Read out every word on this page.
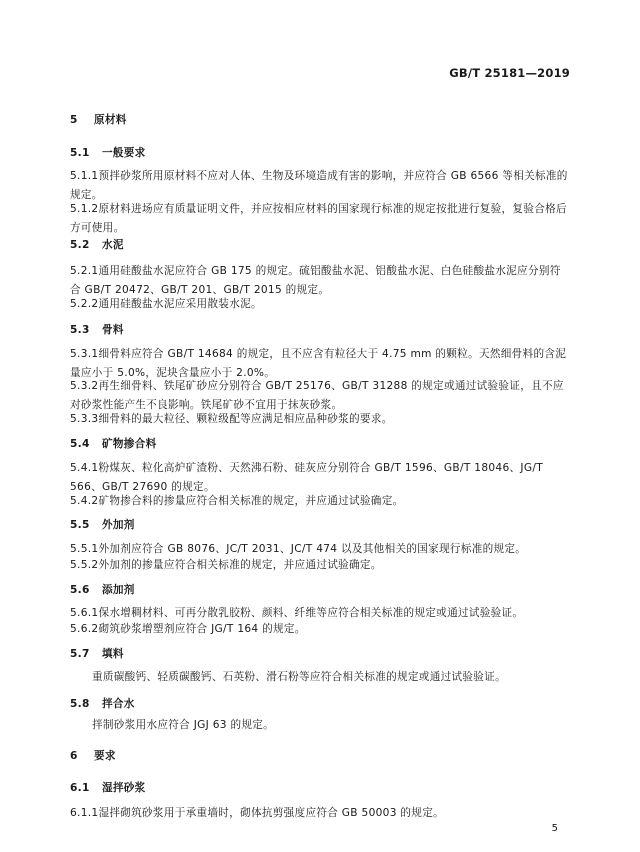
GB/T 25181—2019
5 原材料
5.1 一般要求
5.1.1预拌砂浆所用原材料不应对人体、生物及环境造成有害的影响，并应符合 GB 6566 等相关标准的规定。
5.1.2原材料进场应有质量证明文件，并应按相应材料的国家现行标准的规定按批进行复验，复验合格后方可使用。
5.2 水泥
5.2.1通用硅酸盐水泥应符合 GB 175 的规定。硫铝酸盐水泥、铝酸盐水泥、白色硅酸盐水泥应分别符合 GB/T 20472、GB/T 201、GB/T 2015 的规定。
5.2.2通用硅酸盐水泥应采用散装水泥。
5.3 骨料
5.3.1细骨料应符合 GB/T 14684 的规定，且不应含有粒径大于 4.75 mm 的颗粒。天然细骨料的含泥量应小于 5.0%，泥块含量应小于 2.0%。
5.3.2再生细骨料、铁尾矿砂应分别符合 GB/T 25176、GB/T 31288 的规定或通过试验验证，且不应对砂浆性能产生不良影响。铁尾矿砂不宜用于抹灰砂浆。
5.3.3细骨料的最大粒径、颗粒级配等应满足相应品种砂浆的要求。
5.4 矿物掺合料
5.4.1粉煤灰、粒化高炉矿渣粉、天然沸石粉、硅灰应分别符合 GB/T 1596、GB/T 18046、JG/T 566、GB/T 27690 的规定。
5.4.2矿物掺合料的掺量应符合相关标准的规定，并应通过试验确定。
5.5 外加剂
5.5.1外加剂应符合 GB 8076、JC/T 2031、JC/T 474 以及其他相关的国家现行标准的规定。
5.5.2外加剂的掺量应符合相关标准的规定，并应通过试验确定。
5.6 添加剂
5.6.1保水增稠材料、可再分散乳胶粉、颜料、纤维等应符合相关标准的规定或通过试验验证。
5.6.2砌筑砂浆增塑剂应符合 JG/T 164 的规定。
5.7 填料
重质碳酸钙、轻质碳酸钙、石英粉、滑石粉等应符合相关标准的规定或通过试验验证。
5.8 拌合水
拌制砂浆用水应符合 JGJ 63 的规定。
6 要求
6.1 湿拌砂浆
6.1.1湿拌砌筑砂浆用于承重墙时，砌体抗剪强度应符合 GB 50003 的规定。
5
